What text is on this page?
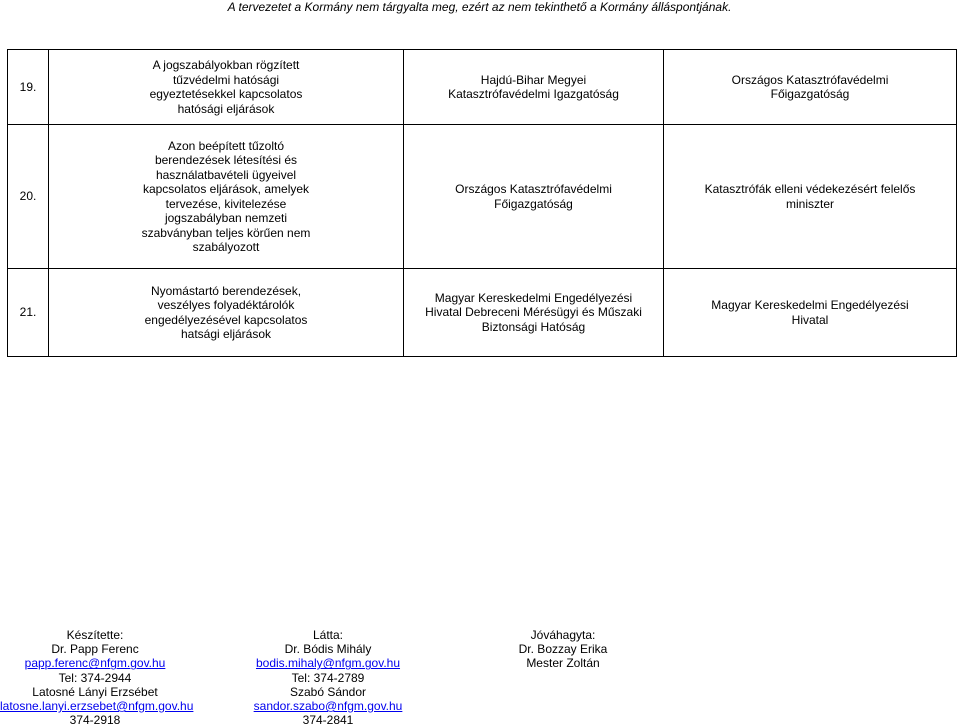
A tervezetet a Kormány nem tárgyalta meg, ezért az nem tekinthető a Kormány álláspontjának.
19.	A jogszabályokban rögzített tűzvédelmi hatósági egyeztetésekkel kapcsolatos hatósági eljárások	Hajdú-Bihar Megyei Katasztrófavédelmi Igazgatóság	Országos Katasztrófavédelmi Főigazgatóság
20.	Azon beépített tűzoltó berendezések létesítési és használatbavételi ügyeivel kapcsolatos eljárások, amelyek tervezése, kivitelezése jogszabályban nemzeti szabványban teljes körűen nem szabályozott	Országos Katasztrófavédelmi Főigazgatóság	Katasztrófák elleni védekezésért felelős miniszter
21.	Nyomástartó berendezések, veszélyes folyadéktárolók engedélyezésével kapcsolatos hatsági eljárások	Magyar Kereskedelmi Engedélyezési Hivatal Debreceni Mérésügyi és Műszaki Biztonsági Hatóság	Magyar Kereskedelmi Engedélyezési Hivatal
Készítette:
Dr. Papp Ferenc
papp.ferenc@nfgm.gov.hu
Tel: 374-2944
Latosné Lányi Erzsébet
latosne.lanyi.erzsebet@nfgm.gov.hu
374-2918
Látta:
Dr. Bódis Mihály
bodis.mihaly@nfgm.gov.hu
Tel: 374-2789
Szabó Sándor
sandor.szabo@nfgm.gov.hu
374-2841
Jóváhagyta:
Dr. Bozzay Erika
Mester Zoltán
